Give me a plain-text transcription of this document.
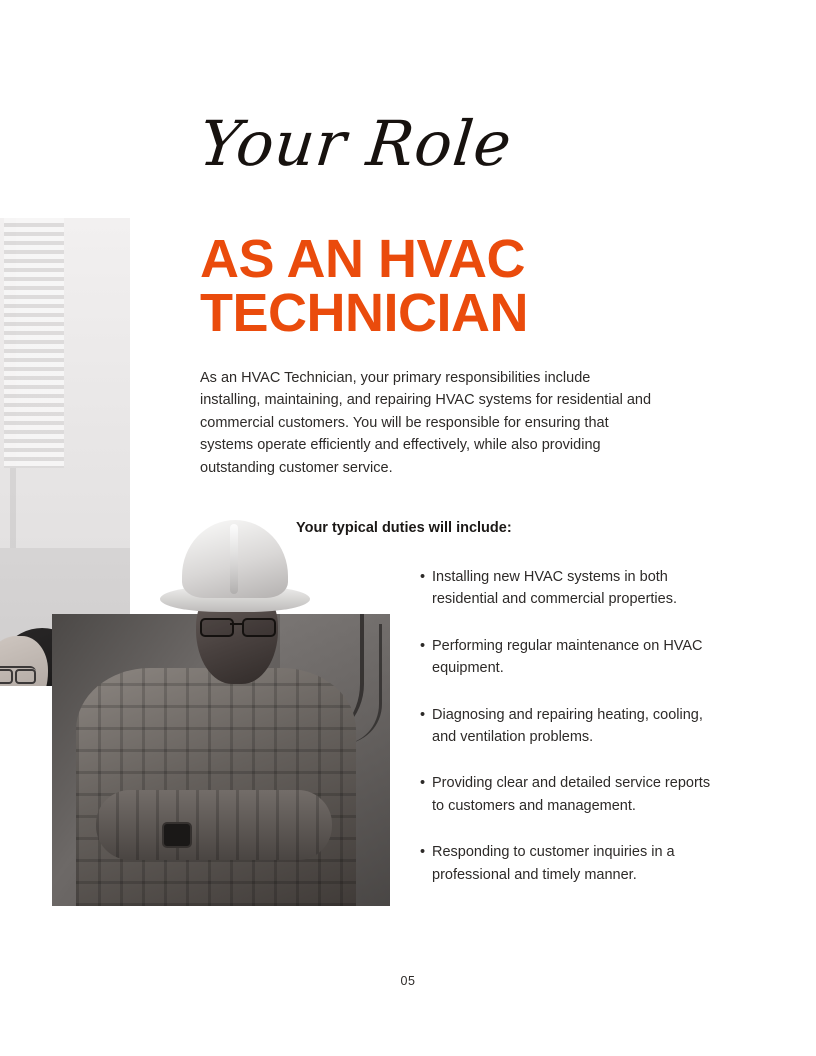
Your Role
AS AN HVAC
TECHNICIAN

As an HVAC Technician, your primary responsibilities include installing, maintaining, and repairing HVAC systems for residential and commercial customers. You will be responsible for ensuring that systems operate efficiently and effectively, while also providing outstanding customer service.

Your typical duties will include:
• Installing new HVAC systems in both residential and commercial properties.
• Performing regular maintenance on HVAC equipment.
• Diagnosing and repairing heating, cooling, and ventilation problems.
• Providing clear and detailed service reports to customers and management.
• Responding to customer inquiries in a professional and timely manner.
05
